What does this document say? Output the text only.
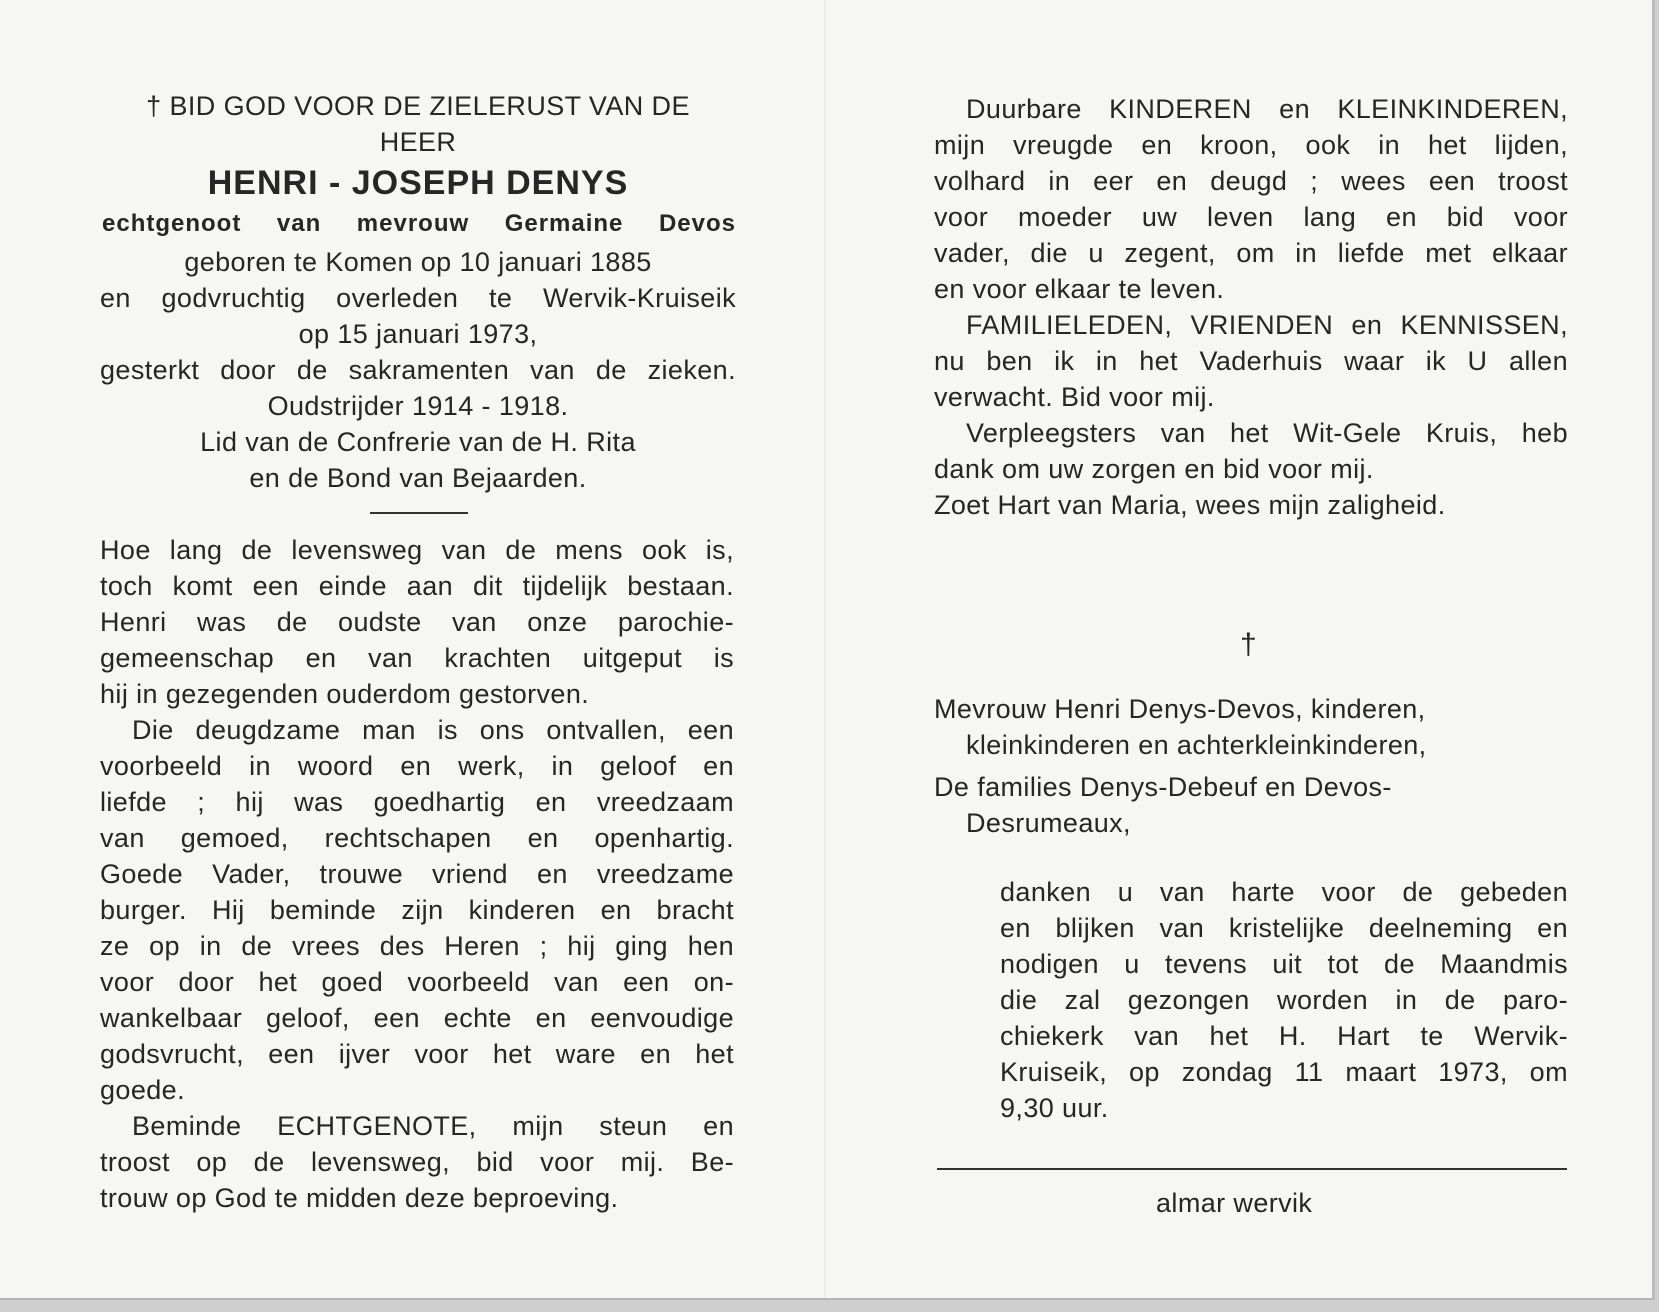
† BID GOD VOOR DE ZIELERUST VAN DE
HEER
HENRI - JOSEPH DENYS
echtgenoot van mevrouw Germaine Devos
geboren te Komen op 10 januari 1885
en godvruchtig overleden te Wervik-Kruiseik
op 15 januari 1973,
gesterkt door de sakramenten van de zieken.
Oudstrijder 1914 - 1918.
Lid van de Confrerie van de H. Rita
en de Bond van Bejaarden.
Hoe lang de levensweg van de mens ook is,
toch komt een einde aan dit tijdelijk bestaan.
Henri was de oudste van onze parochie-
gemeenschap en van krachten uitgeput is
hij in gezegenden ouderdom gestorven.
Die deugdzame man is ons ontvallen, een
voorbeeld in woord en werk, in geloof en
liefde ; hij was goedhartig en vreedzaam
van gemoed, rechtschapen en openhartig.
Goede Vader, trouwe vriend en vreedzame
burger. Hij beminde zijn kinderen en bracht
ze op in de vrees des Heren ; hij ging hen
voor door het goed voorbeeld van een on-
wankelbaar geloof, een echte en eenvoudige
godsvrucht, een ijver voor het ware en het
goede.
Beminde ECHTGENOTE, mijn steun en
troost op de levensweg, bid voor mij. Be-
trouw op God te midden deze beproeving.
Duurbare KINDEREN en KLEINKINDEREN,
mijn vreugde en kroon, ook in het lijden,
volhard in eer en deugd ; wees een troost
voor moeder uw leven lang en bid voor
vader, die u zegent, om in liefde met elkaar
en voor elkaar te leven.
FAMILIELEDEN, VRIENDEN en KENNISSEN,
nu ben ik in het Vaderhuis waar ik U allen
verwacht. Bid voor mij.
Verpleegsters van het Wit-Gele Kruis, heb
dank om uw zorgen en bid voor mij.
Zoet Hart van Maria, wees mijn zaligheid.
†
Mevrouw Henri Denys-Devos, kinderen,
kleinkinderen en achterkleinkinderen,
De families Denys-Debeuf en Devos-
Desrumeaux,
danken u van harte voor de gebeden
en blijken van kristelijke deelneming en
nodigen u tevens uit tot de Maandmis
die zal gezongen worden in de paro-
chiekerk van het H. Hart te Wervik-
Kruiseik, op zondag 11 maart 1973, om
9,30 uur.
almar wervik
